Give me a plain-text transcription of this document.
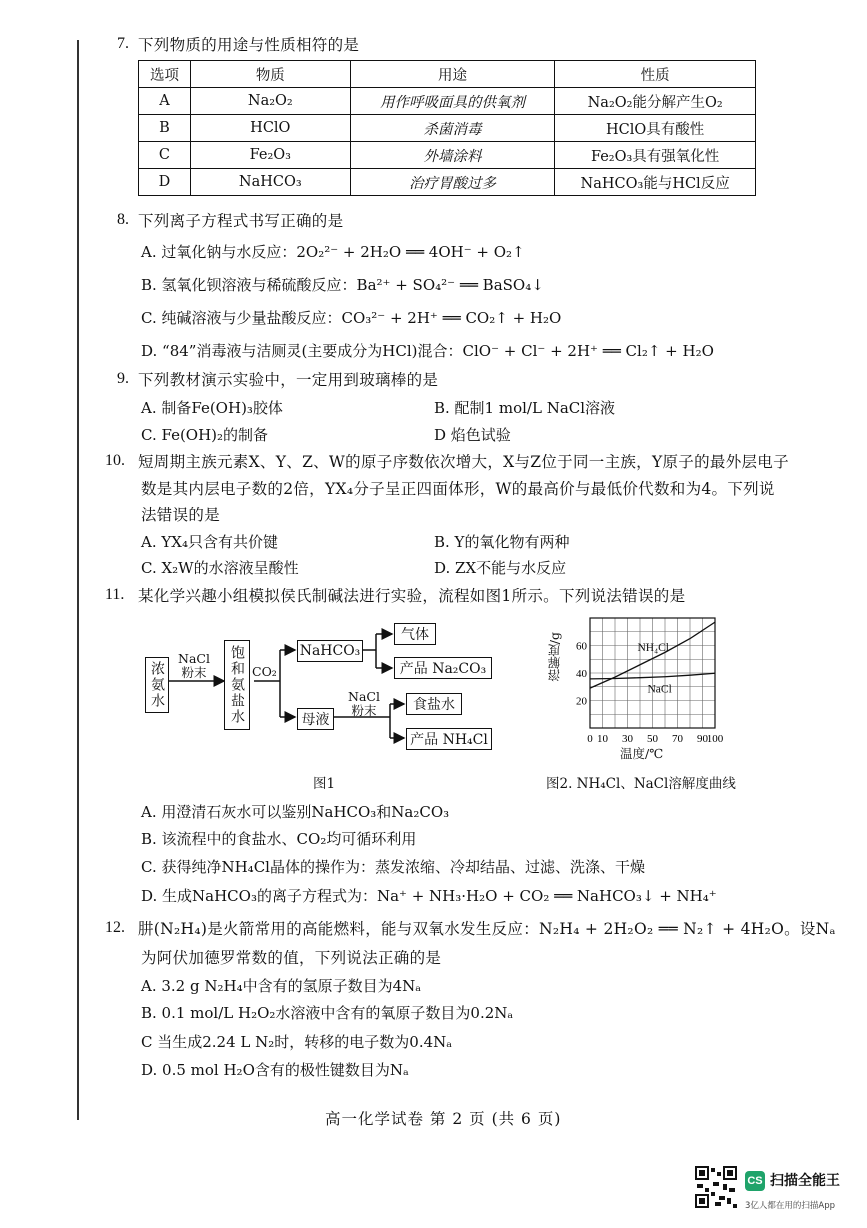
7. 下列物质的用途与性质相符的是
选项	物质	用途	性质
A	Na₂O₂	用作呼吸面具的供氧剂	Na₂O₂能分解产生O₂
B	HClO	杀菌消毒	HClO具有酸性
C	Fe₂O₃	外墙涂料	Fe₂O₃具有强氧化性
D	NaHCO₃	治疗胃酸过多	NaHCO₃能与HCl反应
8. 下列离子方程式书写正确的是
A. 过氧化钠与水反应：2O₂²⁻ + 2H₂O ══ 4OH⁻ + O₂↑
B. 氢氧化钡溶液与稀硫酸反应：Ba²⁺ + SO₄²⁻ ══ BaSO₄↓
C. 纯碱溶液与少量盐酸反应：CO₃²⁻ + 2H⁺ ══ CO₂↑ + H₂O
D. “84”消毒液与洁厕灵(主要成分为HCl)混合：ClO⁻ + Cl⁻ + 2H⁺ ══ Cl₂↑ + H₂O
9. 下列教材演示实验中，一定用到玻璃棒的是
A. 制备Fe(OH)₃胶体	B. 配制1 mol/L NaCl溶液
C. Fe(OH)₂的制备	D 焰色试验
10. 短周期主族元素X、Y、Z、W的原子序数依次增大，X与Z位于同一主族，Y原子的最外层电子
数是其内层电子数的2倍，YX₄分子呈正四面体形，W的最高价与最低价代数和为4。下列说
法错误的是
A. YX₄只含有共价键	B. Y的氧化物有两种
C. X₂W的水溶液呈酸性	D. ZX不能与水反应
11. 某化学兴趣小组模拟侯氏制碱法进行实验，流程如图1所示。下列说法错误的是
浓氨水
NaCl粉末	饱和氨盐水 CO₂
NaHCO₃
气体
产品 Na₂CO₃
母液
NaCl粉末	食盐水
产品 NH₄Cl
图1
溶解度/g
0 10 30 50 70 90
100
20
40
60	NH₄Cl
NaCl
温度/℃
图2. NH₄Cl、NaCl溶解度曲线
A. 用澄清石灰水可以鉴别NaHCO₃和Na₂CO₃
B. 该流程中的食盐水、CO₂均可循环利用
C. 获得纯净NH₄Cl晶体的操作为：蒸发浓缩、冷却结晶、过滤、洗涤、干燥
D. 生成NaHCO₃的离子方程式为：Na⁺ + NH₃·H₂O + CO₂ ══ NaHCO₃↓ + NH₄⁺
12. 肼(N₂H₄)是火箭常用的高能燃料，能与双氧水发生反应：N₂H₄ + 2H₂O₂ ══ N₂↑ + 4H₂O。设Nₐ
为阿伏加德罗常数的值，下列说法正确的是
A. 3.2 g N₂H₄中含有的氢原子数目为4Nₐ
B. 0.1 mol/L H₂O₂水溶液中含有的氧原子数目为0.2Nₐ
C 当生成2.24 L N₂时，转移的电子数为0.4Nₐ
D. 0.5 mol H₂O含有的极性键数目为Nₐ
高一化学试卷 第 2 页 (共 6 页)
CS 扫描全能王
3亿人都在用的扫描App
